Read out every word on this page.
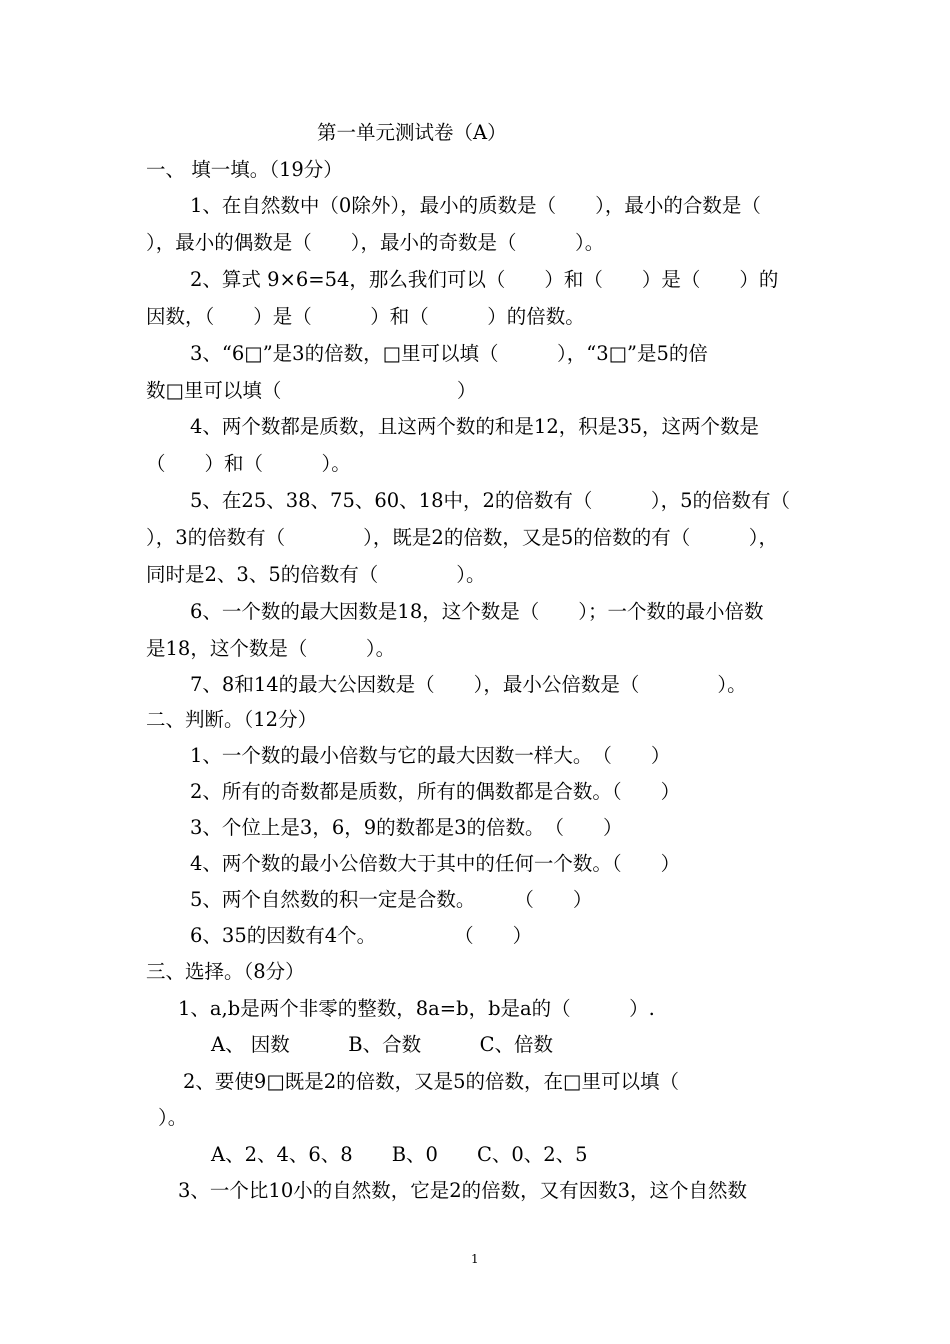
第一单元测试卷（A）
一、 填一填。（19分）
1、在自然数中（0除外），最小的质数是（　　），最小的合数是（
），最小的偶数是（　　），最小的奇数是（　　　）。
2、算式 9×6=54，那么我们可以（　　）和（　　）是（　　）的
因数，（　　）是（　　　）和（　　　）的倍数。
3、“6□”是3的倍数，□里可以填（　　　），“3□”是5的倍
数□里可以填（　　　　　　　　　）
4、两个数都是质数，且这两个数的和是12，积是35，这两个数是
（　　）和（　　　）。
5、在25、38、75、60、18中，2的倍数有（　　　），5的倍数有（
），3的倍数有（　　　　），既是2的倍数，又是5的倍数的有（　　　），
同时是2、3、5的倍数有（　　　　）。
6、一个数的最大因数是18，这个数是（　　）；一个数的最小倍数
是18，这个数是（　　　）。
7、8和14的最大公因数是（　　），最小公倍数是（　　　　）。
二、判断。（12分）
1、一个数的最小倍数与它的最大因数一样大。　（　　）
2、所有的奇数都是质数，所有的偶数都是合数。（　　）
3、个位上是3，6，9的数都是3的倍数。　（　　）
4、两个数的最小公倍数大于其中的任何一个数。（　　）
5、两个自然数的积一定是合数。　　　（　　）
6、35的因数有4个。　　　　　（　　）
三、选择。（8分）
1、a,b是两个非零的整数，8a=b，b是a的（　　　）.
A、 因数　　　B、合数　　　C、倍数
2、要使9□既是2的倍数，又是5的倍数，在□里可以填（
）。
A、2、4、6、8　　B、0　　C、0、2、5
3、一个比10小的自然数，它是2的倍数，又有因数3，这个自然数
1
